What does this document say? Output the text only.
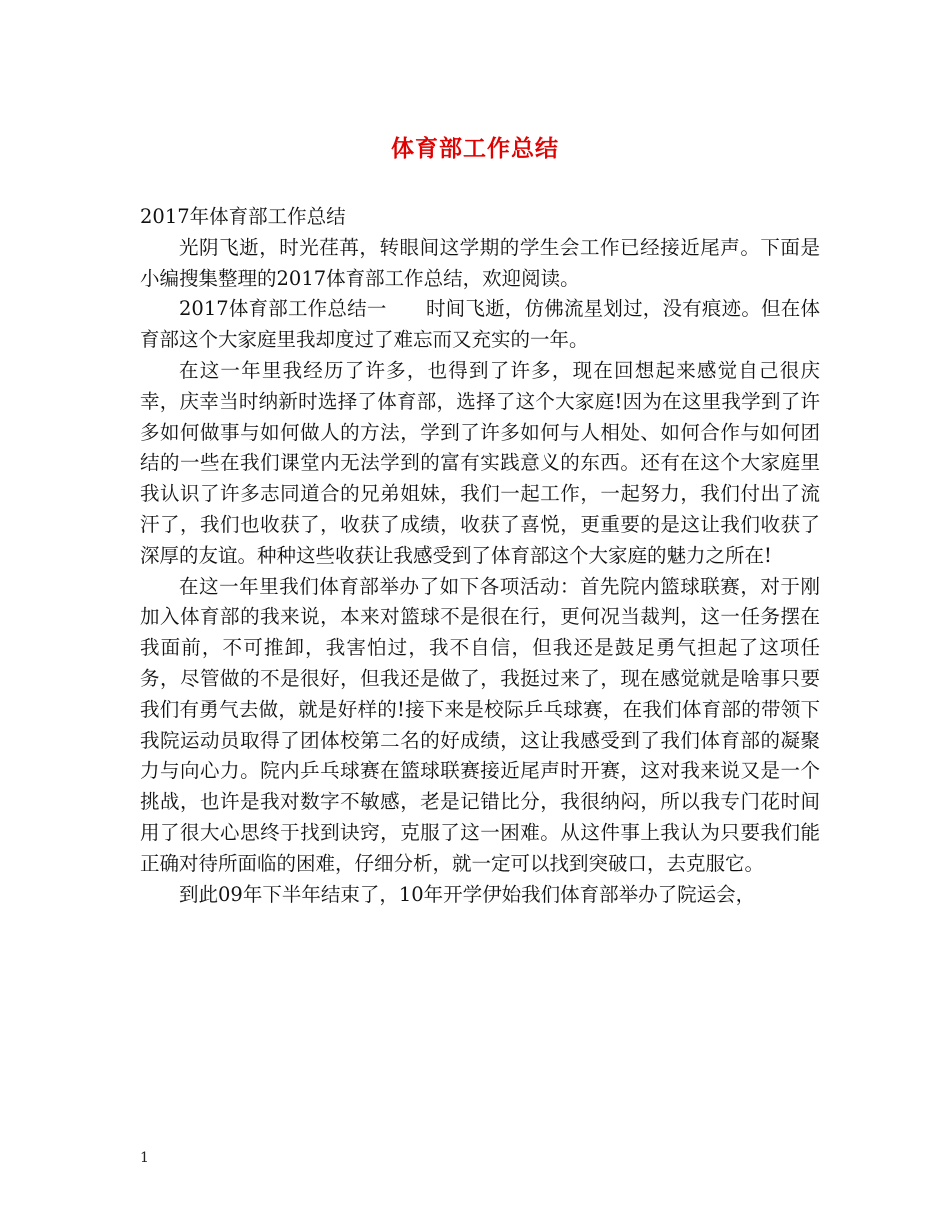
体育部工作总结

2017年体育部工作总结

光阴飞逝，时光荏苒，转眼间这学期的学生会工作已经接近尾声。下面是小编搜集整理的2017体育部工作总结，欢迎阅读。

2017体育部工作总结一　　时间飞逝，仿佛流星划过，没有痕迹。但在体育部这个大家庭里我却度过了难忘而又充实的一年。

在这一年里我经历了许多，也得到了许多，现在回想起来感觉自己很庆幸，庆幸当时纳新时选择了体育部，选择了这个大家庭!因为在这里我学到了许多如何做事与如何做人的方法，学到了许多如何与人相处、如何合作与如何团结的一些在我们课堂内无法学到的富有实践意义的东西。还有在这个大家庭里我认识了许多志同道合的兄弟姐妹，我们一起工作，一起努力，我们付出了流汗了，我们也收获了，收获了成绩，收获了喜悦，更重要的是这让我们收获了深厚的友谊。种种这些收获让我感受到了体育部这个大家庭的魅力之所在!

在这一年里我们体育部举办了如下各项活动：首先院内篮球联赛，对于刚加入体育部的我来说，本来对篮球不是很在行，更何况当裁判，这一任务摆在我面前，不可推卸，我害怕过，我不自信，但我还是鼓足勇气担起了这项任务，尽管做的不是很好，但我还是做了，我挺过来了，现在感觉就是啥事只要我们有勇气去做，就是好样的!接下来是校际乒乓球赛，在我们体育部的带领下我院运动员取得了团体校第二名的好成绩，这让我感受到了我们体育部的凝聚力与向心力。院内乒乓球赛在篮球联赛接近尾声时开赛，这对我来说又是一个挑战，也许是我对数字不敏感，老是记错比分，我很纳闷，所以我专门花时间用了很大心思终于找到诀窍，克服了这一困难。从这件事上我认为只要我们能正确对待所面临的困难，仔细分析，就一定可以找到突破口，去克服它。

到此09年下半年结束了，10年开学伊始我们体育部举办了院运会，

1
